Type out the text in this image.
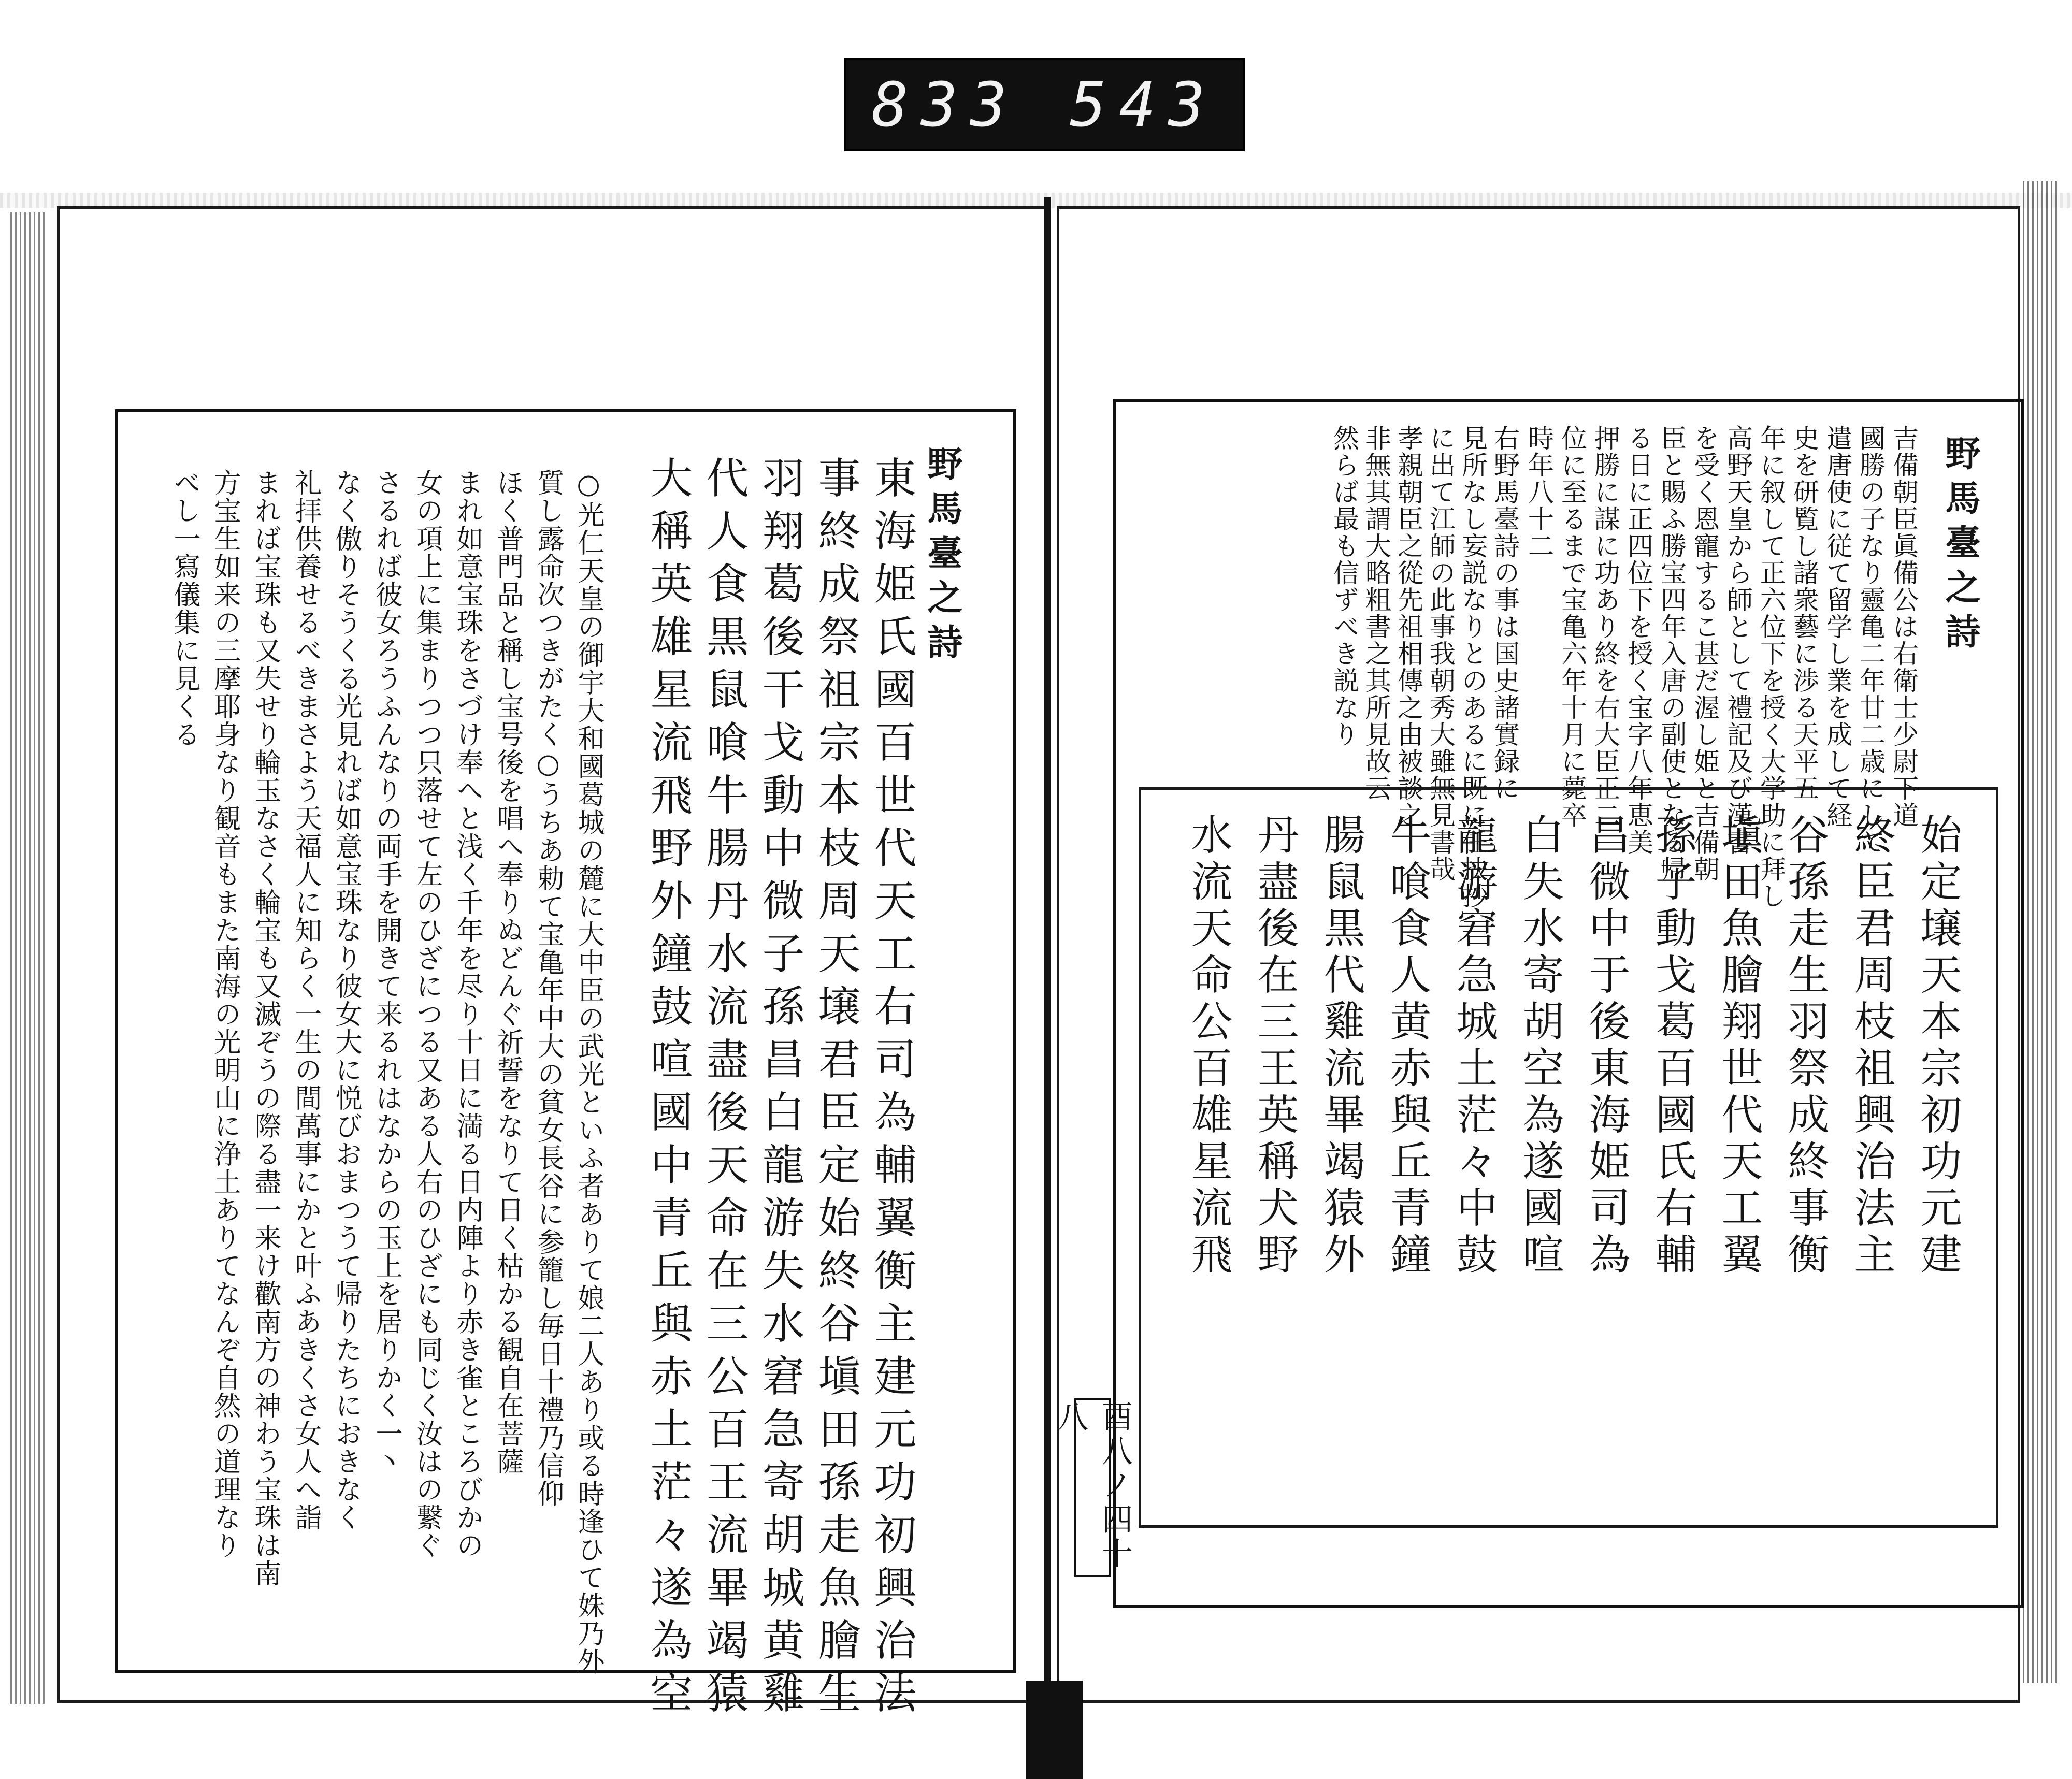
833 543
野馬臺之詩
東海姫氏國百世代天工右司為輔翼衡主建元功初興治法
事終成祭祖宗本枝周天壌君臣定始終谷塡田孫走魚膾生
羽翔葛後干戈動中微子孫昌白龍游失水窘急寄胡城黄雞
代人食黒鼠喰牛腸丹水流盡後天命在三公百王流畢竭猿
大稱英雄星流飛野外鐘鼓喧國中青丘與赤土茫々遂為空
○光仁天皇の御宇大和國葛城の麓に大中臣の武光といふ者ありて娘二人あり或る時逢ひて姝乃外
質し露命次つきがたく○うちあ勅て宝亀年中大の貧女長谷に参籠し毎日十禮乃信仰
ほく普門品と稱し宝号後を唱へ奉りぬどんぐ祈誓をなりて日く枯かる観自在菩薩
まれ如意宝珠をさづけ奉へと浅く千年を尽り十日に満る日内陣より赤き雀ところびかの
女の項上に集まりつつ只落せて左のひざにつる又ある人右のひざにも同じく汝はの繋ぐ
さるれば彼女ろうふんなりの両手を開きて来るれはなからの玉上を居りかく一丶
なく傲りそうくる光見れば如意宝珠なり彼女大に悦びおまつうて帰りたちにおきなく
礼拝供養せるべきまさよう天福人に知らく一生の間萬事にかと叶ふあきくさ女人へ詣
まれば宝珠も又失せり輪玉なさく輪宝も又滅ぞうの際る盡一来け歡南方の神わう宝珠は南
方宝生如来の三摩耶身なり観音もまた南海の光明山に浄土ありてなんぞ自然の道理なり
べし一寫儀集に見くる	野馬臺之詩
吉備朝臣眞備公は右衛士少尉下道
國勝の子なり靈亀二年廿二歳にして
遣唐使に従て留学し業を成して経
史を研覧し諸衆藝に渉る天平五
年に叙して正六位下を授く大学助に拜し
高野天皇から師として禮記及び漢書
を受く恩寵するこ甚だ渥し姫と吉備朝
臣と賜ふ勝宝四年入唐の副使となる帰
る日に正四位下を授く宝字八年恵美
押勝に謀に功あり終を右大臣正二
位に至るまで宝亀六年十月に薨卒
時年八十二
右野馬臺詩の事は国史諸實録に
見所なし妄説なりとのあるに既に任扶抄
に出て江師の此事我朝秀大雖無見書哉
孝親朝臣之從先祖相傳之由被談之
非無其謂大略粗書之其所見故云
然らば最も信ずべき説なり
始定壌天本宗初功元建
終臣君周枝祖興治法主
谷孫走生羽祭成終事衡
塡田魚膾翔世代天工翼
孫子動戈葛百國氏右輔
昌微中于後東海姫司為
白失水寄胡空為遂國喧
龍游窘急城土茫々中鼓
牛喰食人黄赤與丘青鐘
腸鼠黒代雞流畢竭猿外
丹盡後在三王英稱犬野
水流天命公百雄星流飛
酉八ノ四十八
